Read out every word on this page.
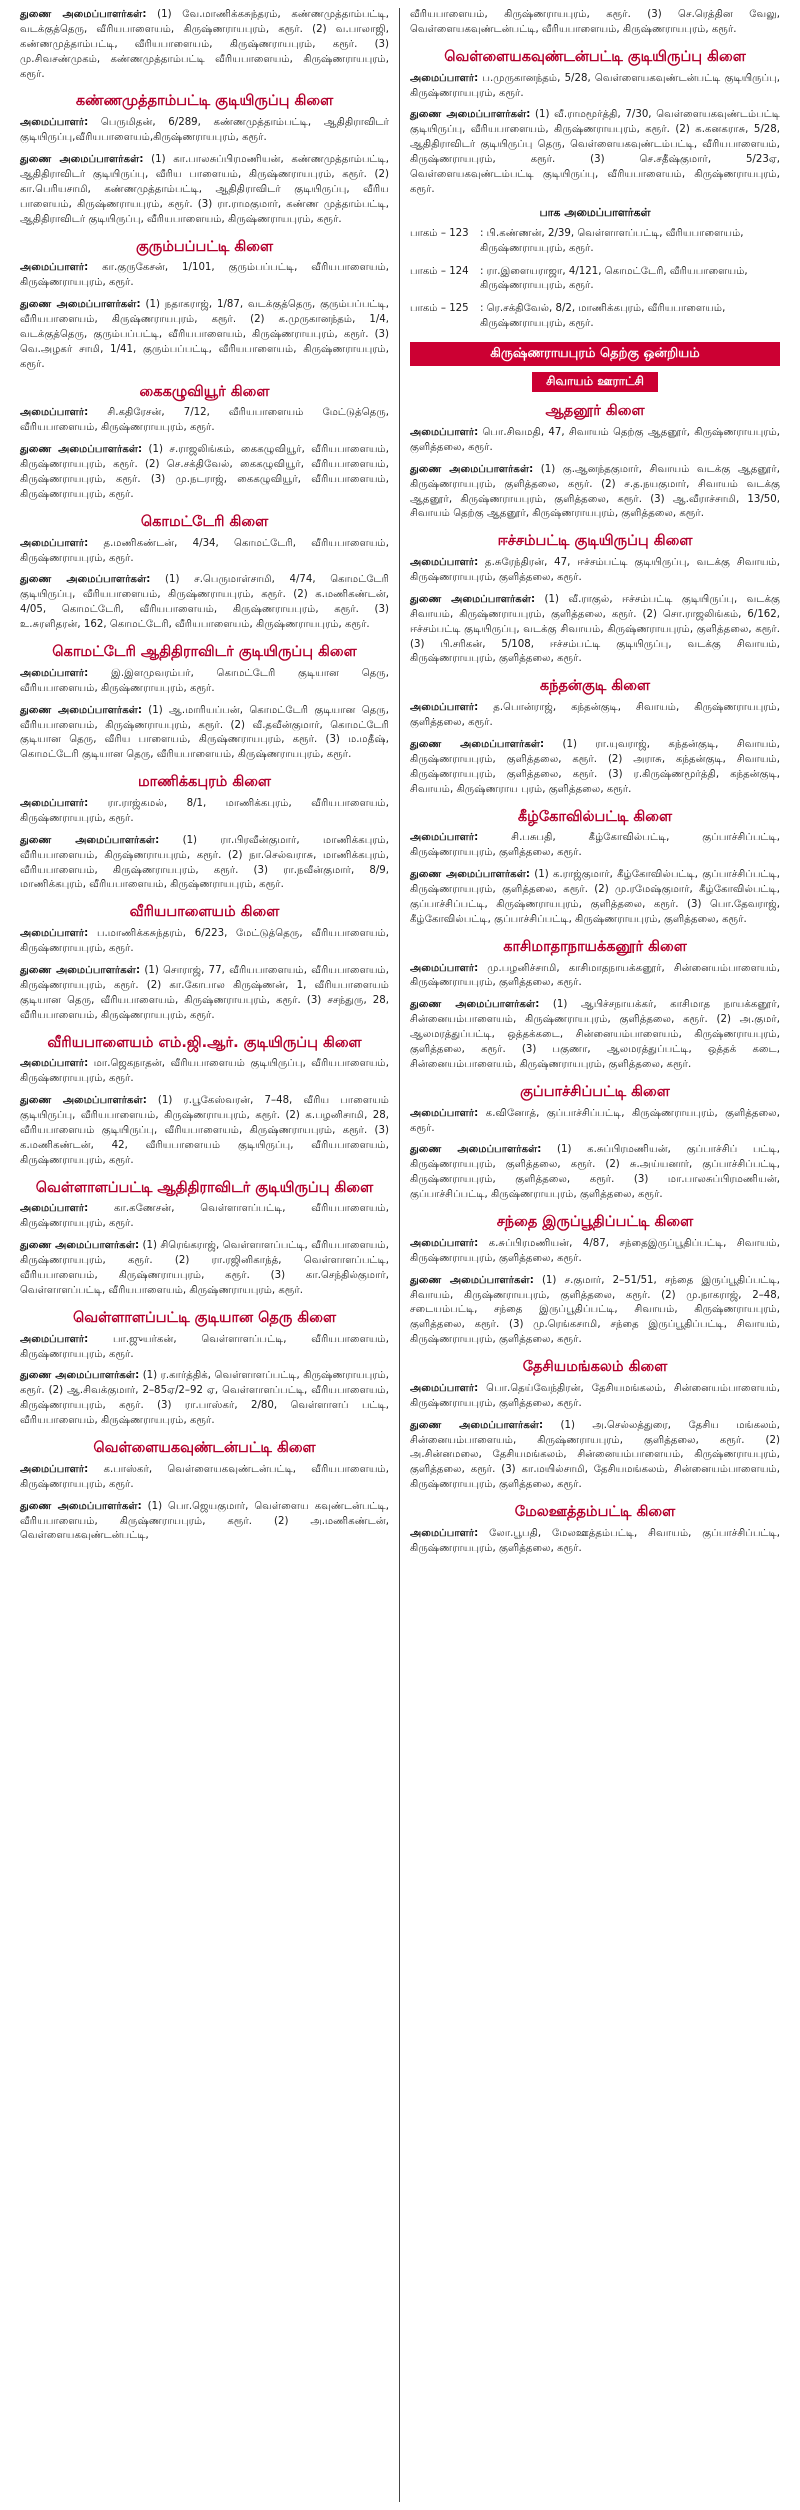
துணை அமைப்பாளர்கள்: (1) வே.மாணிக்கசுந்தரம், கண்ணமுத்தாம்பட்டி, வடக்குத்தெரு, வீரியபாளையம், கிருஷ்ணராயபுரம், கரூர். (2) வ.பாலாஜி, கண்ணமுத்தாம்பட்டி, வீரியபாளையம், கிருஷ்ணராயபுரம், கரூர். (3) மு.சிவசண்முகம், கண்ணமுத்தாம்பட்டி வீரியபாளையம், கிருஷ்ணராயபுரம், கரூர்.

கண்ணமுத்தாம்பட்டி குடியிருப்பு கிளை

அமைப்பாளர்: பெருமிதன், 6/289, கண்ணமுத்தாம்பட்டி, ஆதிதிராவிடர் குடியிருப்பு,வீரியபாளையம்,கிருஷ்ணராயபுரம், கரூர்.

துணை அமைப்பாளர்கள்: (1) கா.பாலசுப்பிரமணியன், கண்ணமுத்தாம்பட்டி, ஆதிதிராவிடர் குடியிருப்பு, வீரிய பாளையம், கிருஷ்ணராயபுரம், கரூர். (2) கா.பெரியசாமி, கண்ணமுத்தாம்பட்டி, ஆதிதிராவிடர் குடியிருப்பு, வீரிய பாளையம், கிருஷ்ணராயபுரம், கரூர். (3) ரா.ராமகுமார், கண்ண முத்தாம்பட்டி, ஆதிதிராவிடர் குடியிருப்பு, வீரியபாளையம், கிருஷ்ணராயபுரம், கரூர்.

குரும்பப்பட்டி கிளை

அமைப்பாளர்: கா.குருகேசன், 1/101, குரும்பப்பட்டி, வீரியபாளையம், கிருஷ்ணராயபுரம், கரூர்.

துணை அமைப்பாளர்கள்: (1) நதாகராஜ், 1/87, வடக்குத்தெரு, குரும்பப்பட்டி, வீரியபாளையம், கிருஷ்ணராயபுரம், கரூர். (2) க.முருகானந்தம், 1/4, வடக்குத்தெரு, குரும்பப்பட்டி, வீரியபாளையம், கிருஷ்ணராயபுரம், கரூர். (3) வெ.அழகர் சாமி, 1/41, குரும்பப்பட்டி, வீரியபாளையம், கிருஷ்ணராயபுரம், கரூர்.

கைகழுவியூர் கிளை

அமைப்பாளர்: சி.கதிரேசன், 7/12, வீரியபாளையம் மேட்டுத்தெரு, வீரியபாளையம், கிருஷ்ணராயபுரம், கரூர்.

துணை அமைப்பாளர்கள்: (1) ச.ராஜலிங்கம், கைகழுவியூர், வீரியபாளையம், கிருஷ்ணராயபுரம், கரூர். (2) செ.சக்திவேல், கைகழுவியூர், வீரியபாளையம், கிருஷ்ணராயபுரம், கரூர். (3) மு.நடராஜ், கைகழுவியூர், வீரியபாளையம், கிருஷ்ணராயபுரம், கரூர்.

கொமட்டேரி கிளை

அமைப்பாளர்: த.மணிகண்டன், 4/34, கொமட்டேரி, வீரியபாளையம், கிருஷ்ணராயபுரம், கரூர்.

துணை அமைப்பாளர்கள்: (1) ச.பெருமாள்சாமி, 4/74, கொமட்டேரி குடியிருப்பு, வீரியபாளையம், கிருஷ்ணராயபுரம், கரூர். (2) க.மணிகண்டன், 4/05, கொமட்டேரி, வீரியபாளையம், கிருஷ்ணராயபுரம், கரூர். (3) உ.சுரளிதரன், 162, கொமட்டேரி, வீரியபாளையம், கிருஷ்ணராயபுரம், கரூர்.

கொமட்டேரி ஆதிதிராவிடர் குடியிருப்பு கிளை

அமைப்பாளர்: இ.இளமுவரம்பர், கொமட்டேரி குடியான தெரு, வீரியபாளையம், கிருஷ்ணராயபுரம், கரூர்.

துணை அமைப்பாளர்கள்: (1) ஆ.மாரியப்பன், கொமட்டேரி குடியான தெரு, வீரியபாளையம், கிருஷ்ணராயபுரம், கரூர். (2) வீ.தவீன்குமார், கொமட்டேரி குடியான தெரு, வீரிய பாளையம், கிருஷ்ணராயபுரம், கரூர். (3) ம.மதீஷ், கொமட்டேரி குடியான தெரு, வீரியபாளையம், கிருஷ்ணராயபுரம், கரூர்.

மாணிக்கபுரம் கிளை

அமைப்பாளர்: ரா.ராஜ்கமல், 8/1, மாணிக்கபுரம், வீரியபாளையம், கிருஷ்ணராயபுரம், கரூர்.

துணை அமைப்பாளர்கள்: (1) ரா.பிரவீன்குமார், மாணிக்கபுரம், வீரியபாளையம், கிருஷ்ணராயபுரம், கரூர். (2) நா.செல்வராசு, மாணிக்கபுரம், வீரியபாளையம், கிருஷ்ணராயபுரம், கரூர். (3) ரா.நவீன்குமார், 8/9, மாணிக்கபுரம், வீரியபாளையம், கிருஷ்ணராயபுரம், கரூர்.

வீரியபாளையம் கிளை

அமைப்பாளர்: ப.மாணிக்கசுந்தரம், 6/223, மேட்டுத்தெரு, வீரியபாளையம், கிருஷ்ணராயபுரம், கரூர்.

துணை அமைப்பாளர்கள்: (1) சொராஜ், 77, வீரியபாளையம், வீரியபாளையம், கிருஷ்ணராயபுரம், கரூர். (2) கா.கோபால கிருஷ்ணன், 1, வீரியபாளையம் குடியான தெரு, வீரியபாளையம், கிருஷ்ணராயபுரம், கரூர். (3) சசந்துரு, 28, வீரியபாளையம், கிருஷ்ணராயபுரம், கரூர்.

வீரியபாளையம் எம்.ஜி.ஆர். குடியிருப்பு கிளை

அமைப்பாளர்: மா.ஜெகநாதன், வீரியபாளையம் குடியிருப்பு, வீரியபாளையம், கிருஷ்ணராயபுரம், கரூர்.

துணை அமைப்பாளர்கள்: (1) ர.பூகேஸ்வரன், 7–48, வீரிய பாளையம் குடியிருப்பு, வீரியபாளையம், கிருஷ்ணராயபுரம், கரூர். (2) க.பழனிசாமி, 28, வீரியபாளையம் குடியிருப்பு, வீரியபாளையம், கிருஷ்ணராயபுரம், கரூர். (3) க.மணிகண்டன், 42, வீரியபாளையம் குடியிருப்பு, வீரியபாளையம், கிருஷ்ணராயபுரம், கரூர்.

வெள்ளாளப்பட்டி ஆதிதிராவிடர் குடியிருப்பு கிளை

அமைப்பாளர்: கா.கணேசன், வெள்ளாளப்பட்டி, வீரியபாளையம், கிருஷ்ணராயபுரம், கரூர்.

துணை அமைப்பாளர்கள்: (1) சிரெங்கராஜ், வெள்ளாளப்பட்டி, வீரியபாளையம், கிருஷ்ணராயபுரம், கரூர். (2) ரா.ரஜினிகாந்த், வெள்ளாளப்பட்டி, வீரியபாளையம், கிருஷ்ணராயபுரம், கரூர். (3) கா.செந்தில்குமார், வெள்ளாளப்பட்டி, வீரியபாளையம், கிருஷ்ணராயபுரம், கரூர்.

வெள்ளாளப்பட்டி குடியான தெரு கிளை

அமைப்பாளர்: பா.ஜுயர்கன், வெள்ளாளப்பட்டி, வீரியபாளையம், கிருஷ்ணராயபுரம், கரூர்.

துணை அமைப்பாளர்கள்: (1) ர.கார்த்திக், வெள்ளாளப்பட்டி, கிருஷ்ணராயபுரம், கரூர். (2) ஆ.சிவக்குமார், 2–85ஏ/2–92 ஏ, வெள்ளாளப்பட்டி, வீரியபாளையம், கிருஷ்ணராயபுரம், கரூர். (3) ரா.பாஸ்கர், 2/80, வெள்ளாளப் பட்டி, வீரியபாளையம், கிருஷ்ணராயபுரம், கரூர்.

வெள்ளையகவுண்டன்பட்டி கிளை

அமைப்பாளர்: க.பாஸ்கர், வெள்ளையகவுண்டன்பட்டி, வீரியபாளையம், கிருஷ்ணராயபுரம், கரூர்.

துணை அமைப்பாளர்கள்: (1) பொ.ஜெயகுமார், வெள்ளைய கவுண்டன்பட்டி, வீரியபாளையம், கிருஷ்ணராயபுரம், கரூர். (2) அ.மணிகண்டன், வெள்ளையகவுண்டன்பட்டி,

வீரியபாளையம், கிருஷ்ணராயபுரம், கரூர். (3) செ.ரெத்தின வேலு, வெள்ளையகவுண்டன்பட்டி, வீரியபாளையம், கிருஷ்ணராயபுரம், கரூர்.

வெள்ளையகவுண்டன்பட்டி குடியிருப்பு கிளை

அமைப்பாளர்: ப.முருகானந்தம், 5/28, வெள்ளையகவுண்டன்பட்டி குடியிருப்பு, கிருஷ்ணராயபுரம், கரூர்.

துணை அமைப்பாளர்கள்: (1) வீ.ராமமூர்த்தி, 7/30, வெள்ளையகவுண்டம்பட்டி குடியிருப்பு, வீரியபாளையம், கிருஷ்ணராயபுரம், கரூர். (2) க.கனகராசு, 5/28, ஆதிதிராவிடர் குடியிருப்பு தெரு, வெள்ளையகவுண்டம்பட்டி, வீரியபாளையம், கிருஷ்ணராயபுரம், கரூர். (3) செ.சதீஷ்குமார், 5/23ஏ, வெள்ளையகவுண்டம்பட்டி குடியிருப்பு, வீரியபாளையம், கிருஷ்ணராயபுரம், கரூர்.

பாக அமைப்பாளர்கள்
பாகம் – 123	: பி.கண்ணன், 2/39, வெள்ளாளப்பட்டி, வீரியபாளையம், கிருஷ்ணராயபுரம், கரூர்.
பாகம் – 124	: ரா.இளையராஜா, 4/121, கொமட்டேரி, வீரியபாளையம், கிருஷ்ணராயபுரம், கரூர்.
பாகம் – 125	: ரெ.சக்திவேல், 8/2, மாணிக்கபுரம், வீரியபாளையம், கிருஷ்ணராயபுரம், கரூர்.
கிருஷ்ணராயபுரம் தெற்கு ஒன்றியம்
சிவாயம் ஊராட்சி
ஆதனூர் கிளை

அமைப்பாளர்: பொ.சிவமதி, 47, சிவாயம் தெற்கு ஆதனூர், கிருஷ்ணராயபுரம், குளித்தலை, கரூர்.

துணை அமைப்பாளர்கள்: (1) கு.ஆனந்தகுமார், சிவாயம் வடக்கு ஆதனூர், கிருஷ்ணராயபுரம், குளித்தலை, கரூர். (2) ச.த.நயகுமார், சிவாயம் வடக்கு ஆதனூர், கிருஷ்ணராயபுரம், குளித்தலை, கரூர். (3) ஆ.வீராச்சாமி, 13/50, சிவாயம் தெற்கு ஆதனூர், கிருஷ்ணராயபுரம், குளித்தலை, கரூர்.

ஈச்சம்பட்டி குடியிருப்பு கிளை

அமைப்பாளர்: த.சுரேந்திரன், 47, ஈச்சம்பட்டி குடியிருப்பு, வடக்கு சிவாயம், கிருஷ்ணராயபுரம், குளித்தலை, கரூர்.

துணை அமைப்பாளர்கள்: (1) வீ.ராகுல், ஈச்சம்பட்டி குடியிருப்பு, வடக்கு சிவாயம், கிருஷ்ணராயபுரம், குளித்தலை, கரூர். (2) சொ.ராஜலிங்கம், 6/162, ஈச்சம்பட்டி குடியிருப்பு, வடக்கு சிவாயம், கிருஷ்ணராயபுரம், குளித்தலை, கரூர். (3) பி.சரிகன், 5/108, ஈச்சம்பட்டி குடியிருப்பு, வடக்கு சிவாயம், கிருஷ்ணராயபுரம், குளித்தலை, கரூர்.

கந்தன்குடி கிளை

அமைப்பாளர்: த.பொன்ராஜ், கந்தன்குடி, சிவாயம், கிருஷ்ணராயபுரம், குளித்தலை, கரூர்.

துணை அமைப்பாளர்கள்: (1) ரா.யுவராஜ், கந்தன்குடி, சிவாயம், கிருஷ்ணராயபுரம், குளித்தலை, கரூர். (2) அராசு, கந்தன்குடி, சிவாயம், கிருஷ்ணராயபுரம், குளித்தலை, கரூர். (3) ர.கிருஷ்ணமூர்த்தி, கந்தன்குடி, சிவாயம், கிருஷ்ணராய புரம், குளித்தலை, கரூர்.

கீழ்கோவில்பட்டி கிளை

அமைப்பாளர்: சி.பசுபதி, கீழ்கோவில்பட்டி, குப்பாச்சிப்பட்டி, கிருஷ்ணராயபுரம், குளித்தலை, கரூர்.

துணை அமைப்பாளர்கள்: (1) க.ராஜ்குமார், கீழ்கோவில்பட்டி, குப்பாச்சிப்பட்டி, கிருஷ்ணராயபுரம், குளித்தலை, கரூர். (2) மு.ரமேஷ்குமார், கீழ்கோவில்பட்டி, குப்பாச்சிப்பட்டி, கிருஷ்ணராயபுரம், குளித்தலை, கரூர். (3) பொ.தேவராஜ், கீழ்கோவில்பட்டி, குப்பாச்சிப்பட்டி, கிருஷ்ணராயபுரம், குளித்தலை, கரூர்.

காசிமாதாநாயக்கனூர் கிளை

அமைப்பாளர்: மு.பழனிச்சாமி, காசிமாதநாயக்கனூர், சின்னையம்பாளையம், கிருஷ்ணராயபுரம், குளித்தலை, கரூர்.

துணை அமைப்பாளர்கள்: (1) ஆபிச்சநாயக்கர், காசிமாத நாயக்கனூர், சின்னையம்பாளையம், கிருஷ்ணராயபுரம், குளித்தலை, கரூர். (2) அ.குமர், ஆலமரத்துப்பட்டி, ஒத்தக்கடை, சின்னையம்பாளையம், கிருஷ்ணராயபுரம், குளித்தலை, கரூர். (3) பகுணா, ஆலமரத்துப்பட்டி, ஒத்தக் கடை, சின்னையம்பாளையம், கிருஷ்ணராயபுரம், குளித்தலை, கரூர்.

குப்பாச்சிப்பட்டி கிளை

அமைப்பாளர்: க.வினோத், குப்பாச்சிப்பட்டி, கிருஷ்ணராயபுரம், குளித்தலை, கரூர்.

துணை அமைப்பாளர்கள்: (1) க.சுப்பிரமணியன், குப்பாச்சிப் பட்டி, கிருஷ்ணராயபுரம், குளித்தலை, கரூர். (2) சு.அய்யனார், குப்பாச்சிப்பட்டி, கிருஷ்ணராயபுரம், குளித்தலை, கரூர். (3) மா.பாலசுப்பிரமணியன், குப்பாச்சிப்பட்டி, கிருஷ்ணராயபுரம், குளித்தலை, கரூர்.

சந்தை இருப்பூதிப்பட்டி கிளை

அமைப்பாளர்: க.சுப்பிரமணியன், 4/87, சந்தைஇருப்பூதிப்பட்டி, சிவாயம், கிருஷ்ணராயபுரம், குளித்தலை, கரூர்.

துணை அமைப்பாளர்கள்: (1) ச.குமார், 2–51/51, சந்தை இருப்பூதிப்பட்டி, சிவாயம், கிருஷ்ணராயபுரம், குளித்தலை, கரூர். (2) மு.நாகராஜ், 2–48, சடையம்பட்டி, சந்தை இருப்பூதிப்பட்டி, சிவாயம், கிருஷ்ணராயபுரம், குளித்தலை, கரூர். (3) மு.ரெங்கசாமி, சந்தை இருப்பூதிப்பட்டி, சிவாயம், கிருஷ்ணராயபுரம், குளித்தலை, கரூர்.

தேசியமங்கலம் கிளை

அமைப்பாளர்: பொ.தெய்வேந்திரன், தேசியமங்கலம், சின்னையம்பாளையம், கிருஷ்ணராயபுரம், குளித்தலை, கரூர்.

துணை அமைப்பாளர்கள்: (1) அ.செல்லத்துரை, தேசிய மங்கலம், சின்னையம்பாளையம், கிருஷ்ணராயபுரம், குளித்தலை, கரூர். (2) அ.சின்னமலை, தேசியமங்கலம், சின்னையம்பாளையம், கிருஷ்ணராயபுரம், குளித்தலை, கரூர். (3) கா.மயில்சாமி, தேசியமங்கலம், சின்னையம்பாளையம், கிருஷ்ணராயபுரம், குளித்தலை, கரூர்.

மேலஊத்தம்பட்டி கிளை

அமைப்பாளர்: லோ.பூபதி, மேலஊத்தம்பட்டி, சிவாயம், குப்பாச்சிப்பட்டி, கிருஷ்ணராயபுரம், குளித்தலை, கரூர்.
